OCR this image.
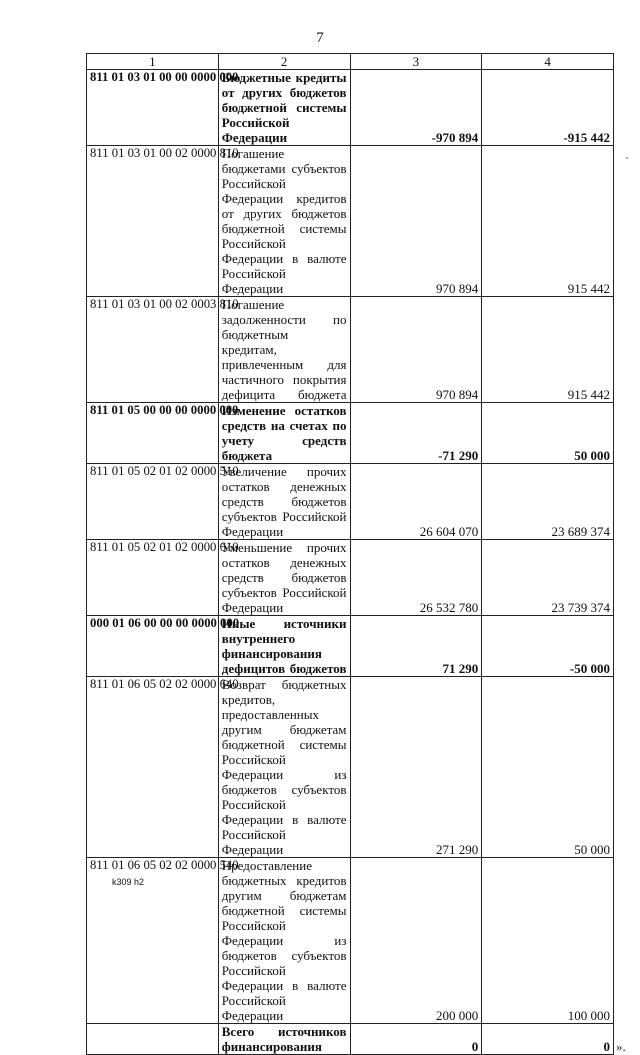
7
1	2	3	4
811 01 03 01 00 00 0000 000	Бюджетные кредиты от других бюджетов бюджетной системы Российской Федерации	-970 894	-915 442
811 01 03 01 00 02 0000 810	Погашение бюджетами субъектов Российской Федерации кредитов от других бюджетов бюджетной системы Российской Федерации в валюте Российской Федерации	970 894	915 442
811 01 03 01 00 02 0003 810	Погашение задолженности по бюджетным кредитам, привлеченным для частичного покрытия дефицита бюджета	970 894	915 442
811 01 05 00 00 00 0000 000	Изменение остатков средств на счетах по учету средств бюджета	-71 290	50 000
811 01 05 02 01 02 0000 510	Увеличение прочих остатков денежных средств бюджетов субъектов Российской Федерации	26 604 070	23 689 374
811 01 05 02 01 02 0000 610	Уменьшение прочих остатков денежных средств бюджетов субъектов Российской Федерации	26 532 780	23 739 374
000 01 06 00 00 00 0000 000	Иные источники внутреннего финансирования дефицитов бюджетов	71 290	-50 000
811 01 06 05 02 02 0000 640	Возврат бюджетных кредитов, предоставленных другим бюджетам бюджетной системы Российской Федерации из бюджетов субъектов Российской Федерации в валюте Российской Федерации	271 290	50 000
811 01 06 05 02 02 0000 540	Предоставление бюджетных кредитов другим бюджетам бюджетной системы Российской Федерации из бюджетов субъектов Российской Федерации в валюте Российской Федерации	200 000	100 000
	Всего источников финансирования	0	0 ».
-
k309 h2
